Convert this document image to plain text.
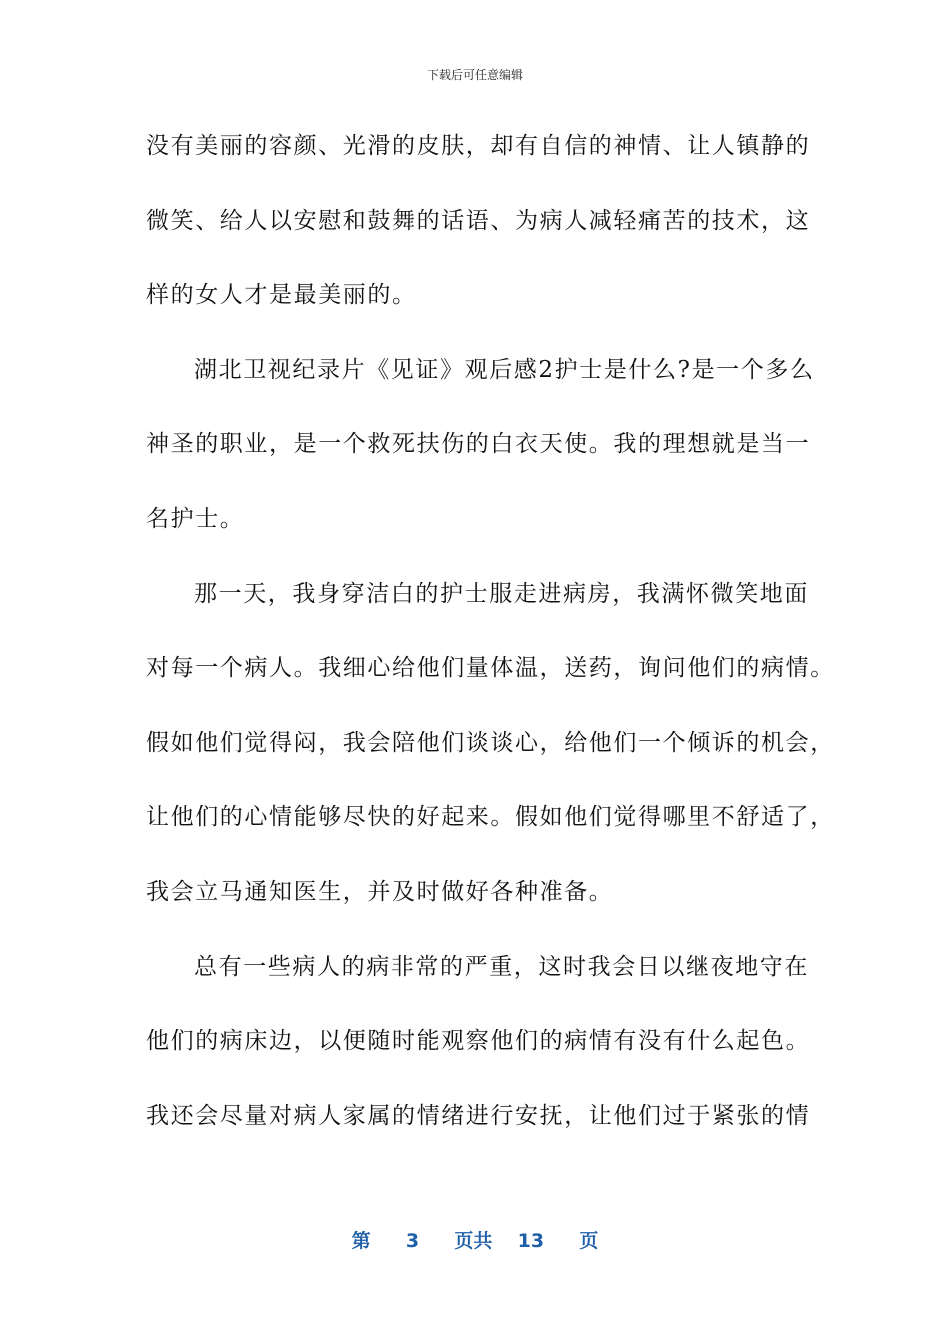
下载后可任意编辑
没有美丽的容颜、光滑的皮肤，却有自信的神情、让人镇静的
微笑、给人以安慰和鼓舞的话语、为病人减轻痛苦的技术，这
样的女人才是最美丽的。
湖北卫视纪录片《见证》观后感2护士是什么?是一个多么
神圣的职业，是一个救死扶伤的白衣天使。我的理想就是当一
名护士。
那一天，我身穿洁白的护士服走进病房，我满怀微笑地面
对每一个病人。我细心给他们量体温，送药，询问他们的病情。
假如他们觉得闷，我会陪他们谈谈心，给他们一个倾诉的机会，
让他们的心情能够尽快的好起来。假如他们觉得哪里不舒适了，
我会立马通知医生，并及时做好各种准备。
总有一些病人的病非常的严重，这时我会日以继夜地守在
他们的病床边，以便随时能观察他们的病情有没有什么起色。
我还会尽量对病人家属的情绪进行安抚，让他们过于紧张的情
第 3 页共 13 页
